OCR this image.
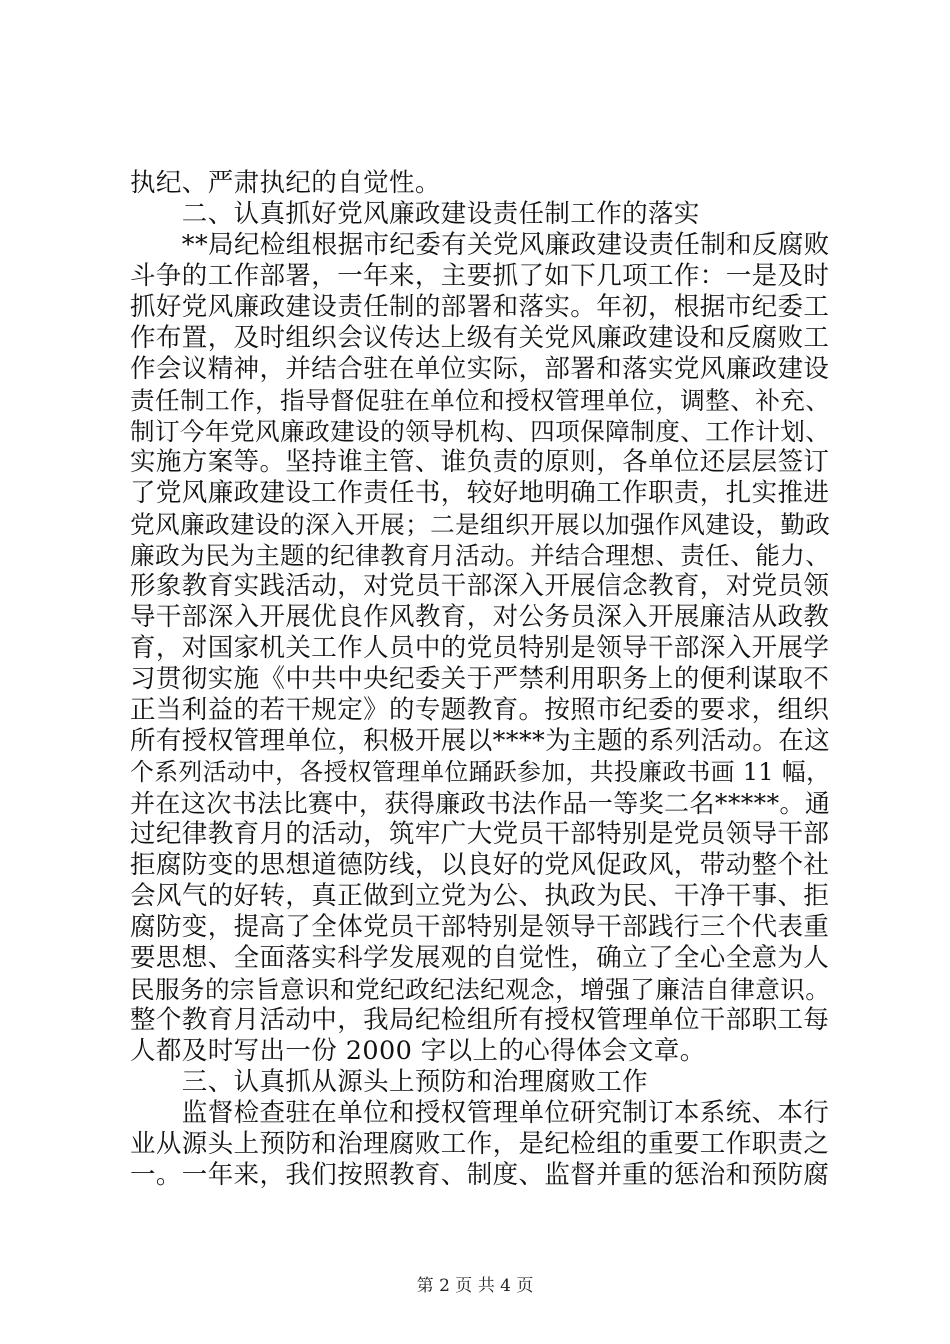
执纪、严肃执纪的自觉性。
　　二、认真抓好党风廉政建设责任制工作的落实
　　**局纪检组根据市纪委有关党风廉政建设责任制和反腐败
斗争的工作部署，一年来，主要抓了如下几项工作：一是及时
抓好党风廉政建设责任制的部署和落实。年初，根据市纪委工
作布置，及时组织会议传达上级有关党风廉政建设和反腐败工
作会议精神，并结合驻在单位实际，部署和落实党风廉政建设
责任制工作，指导督促驻在单位和授权管理单位，调整、补充、
制订今年党风廉政建设的领导机构、四项保障制度、工作计划、
实施方案等。坚持谁主管、谁负责的原则，各单位还层层签订
了党风廉政建设工作责任书，较好地明确工作职责，扎实推进
党风廉政建设的深入开展；二是组织开展以加强作风建设，勤政
廉政为民为主题的纪律教育月活动。并结合理想、责任、能力、
形象教育实践活动，对党员干部深入开展信念教育，对党员领
导干部深入开展优良作风教育，对公务员深入开展廉洁从政教
育，对国家机关工作人员中的党员特别是领导干部深入开展学
习贯彻实施《中共中央纪委关于严禁利用职务上的便利谋取不
正当利益的若干规定》的专题教育。按照市纪委的要求，组织
所有授权管理单位，积极开展以****为主题的系列活动。在这
个系列活动中，各授权管理单位踊跃参加，共投廉政书画 11 幅，
并在这次书法比赛中，获得廉政书法作品一等奖二名*****。通
过纪律教育月的活动，筑牢广大党员干部特别是党员领导干部
拒腐防变的思想道德防线，以良好的党风促政风，带动整个社
会风气的好转，真正做到立党为公、执政为民、干净干事、拒
腐防变，提高了全体党员干部特别是领导干部践行三个代表重
要思想、全面落实科学发展观的自觉性，确立了全心全意为人
民服务的宗旨意识和党纪政纪法纪观念，增强了廉洁自律意识。
整个教育月活动中，我局纪检组所有授权管理单位干部职工每
人都及时写出一份 2000 字以上的心得体会文章。
　　三、认真抓从源头上预防和治理腐败工作
　　监督检查驻在单位和授权管理单位研究制订本系统、本行
业从源头上预防和治理腐败工作，是纪检组的重要工作职责之
一。一年来，我们按照教育、制度、监督并重的惩治和预防腐
第 2 页 共 4 页
